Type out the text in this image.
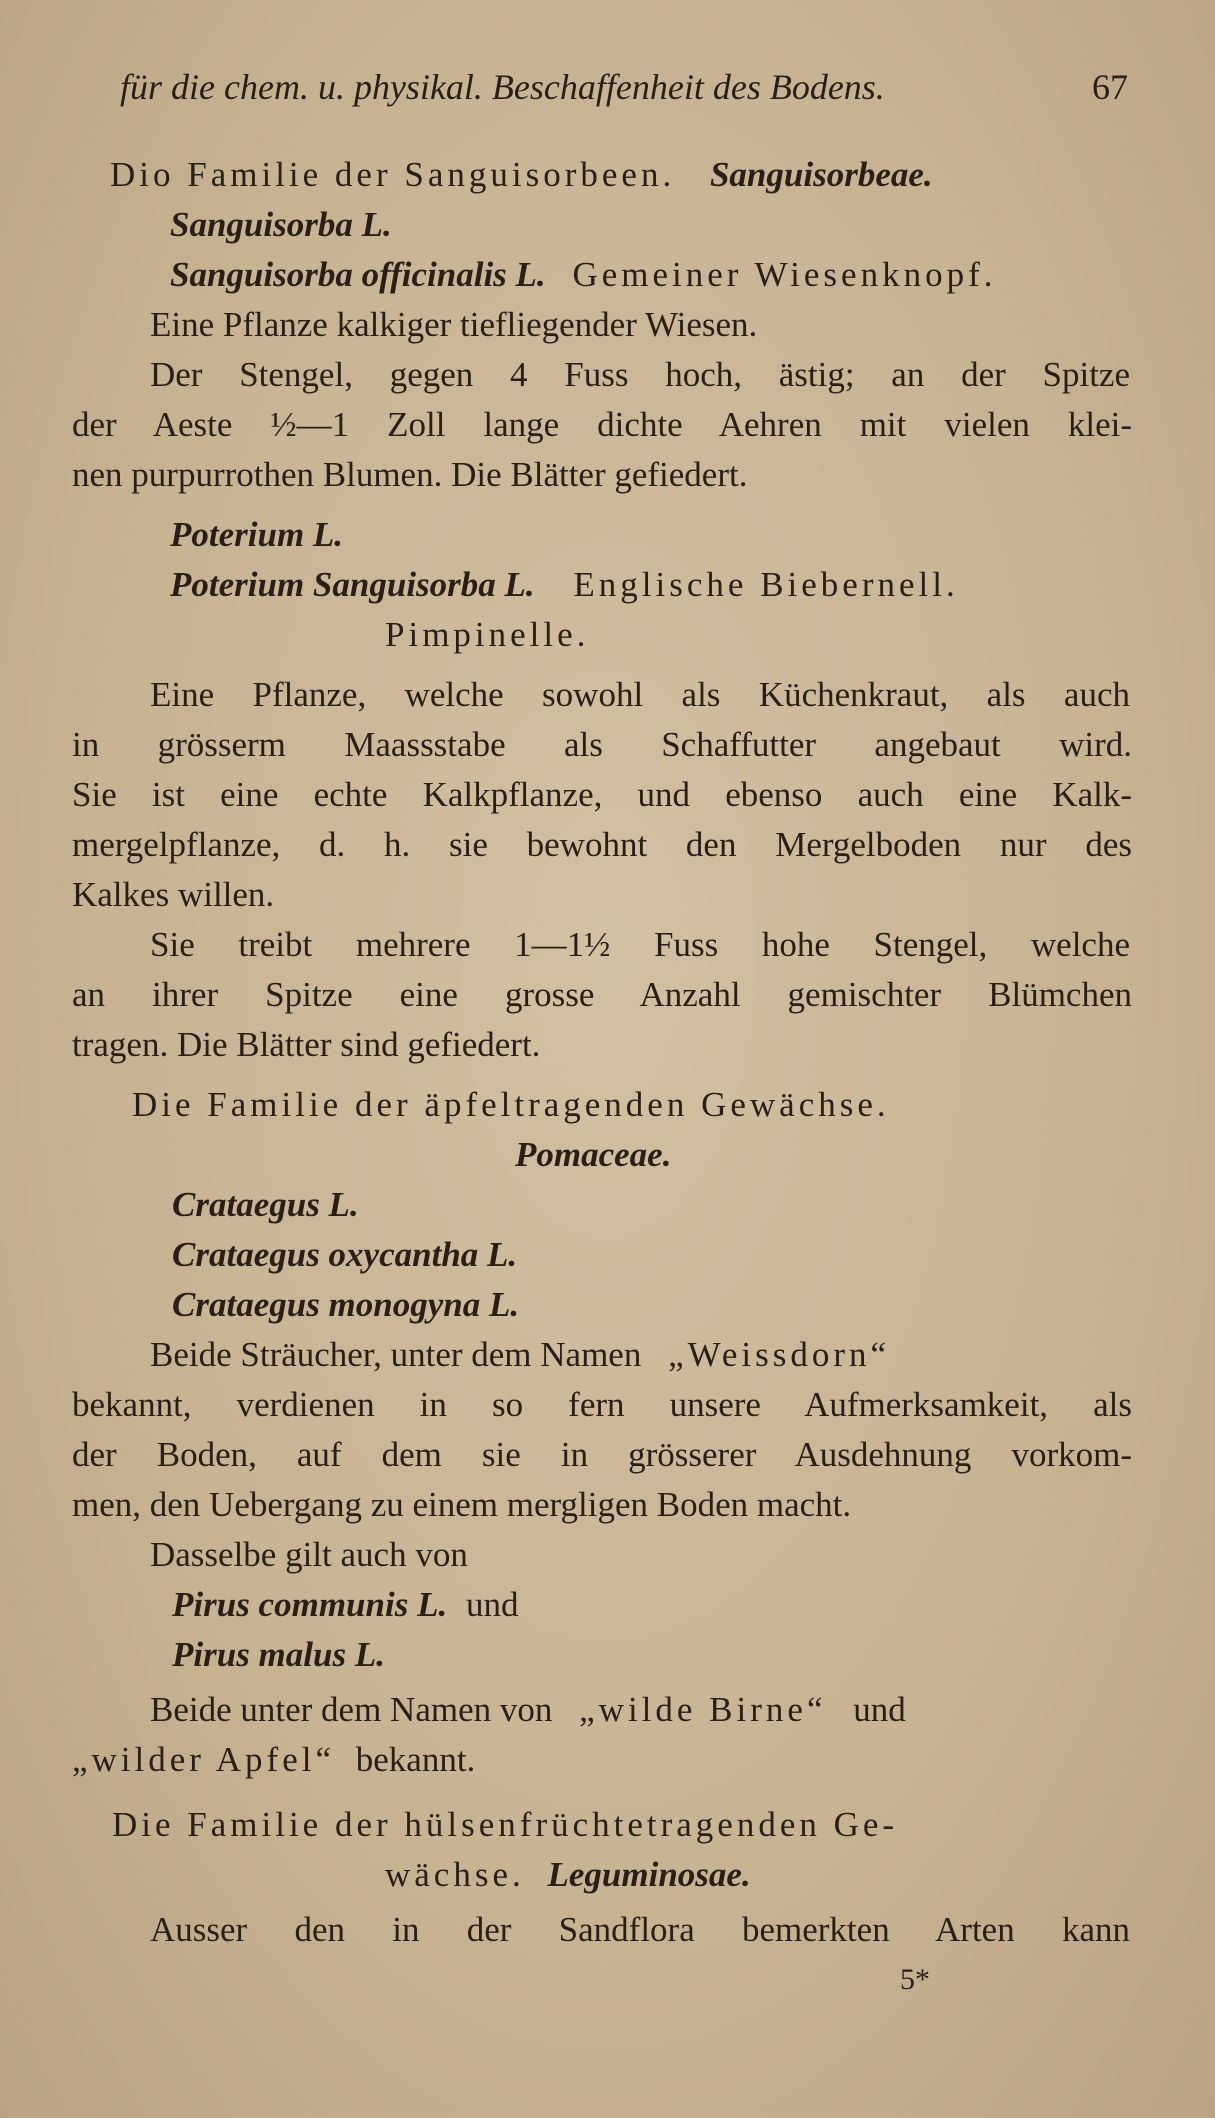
für die chem. u. physikal. Beschaffenheit des Bodens.	67
Dio Familie der Sanguisorbeen. Sanguisorbeae.
Sanguisorba L.
Sanguisorba officinalis L. Gemeiner Wiesenknopf.
Eine Pflanze kalkiger tiefliegender Wiesen.
Der Stengel, gegen 4 Fuss hoch, ästig; an der Spitze
der Aeste ½—1 Zoll lange dichte Aehren mit vielen klei-
nen purpurrothen Blumen. Die Blätter gefiedert.
Poterium L.
Poterium Sanguisorba L. Englische Biebernell.
Pimpinelle.
Eine Pflanze, welche sowohl als Küchenkraut, als auch
in grösserm Maassstabe als Schaffutter angebaut wird.
Sie ist eine echte Kalkpflanze, und ebenso auch eine Kalk-
mergelpflanze, d. h. sie bewohnt den Mergelboden nur des
Kalkes willen.
Sie treibt mehrere 1—1½ Fuss hohe Stengel, welche
an ihrer Spitze eine grosse Anzahl gemischter Blümchen
tragen. Die Blätter sind gefiedert.
Die Familie der äpfeltragenden Gewächse.
Pomaceae.
Crataegus L.
Crataegus oxycantha L.
Crataegus monogyna L.
Beide Sträucher, unter dem Namen „Weissdorn“
bekannt, verdienen in so fern unsere Aufmerksamkeit, als
der Boden, auf dem sie in grösserer Ausdehnung vorkom-
men, den Uebergang zu einem mergligen Boden macht.
Dasselbe gilt auch von
Pirus communis L. und
Pirus malus L.
Beide unter dem Namen von „wilde Birne“ und
„wilder Apfel“ bekannt.
Die Familie der hülsenfrüchtetragenden Ge-
wächse. Leguminosae.
Ausser den in der Sandflora bemerkten Arten kann
5*
